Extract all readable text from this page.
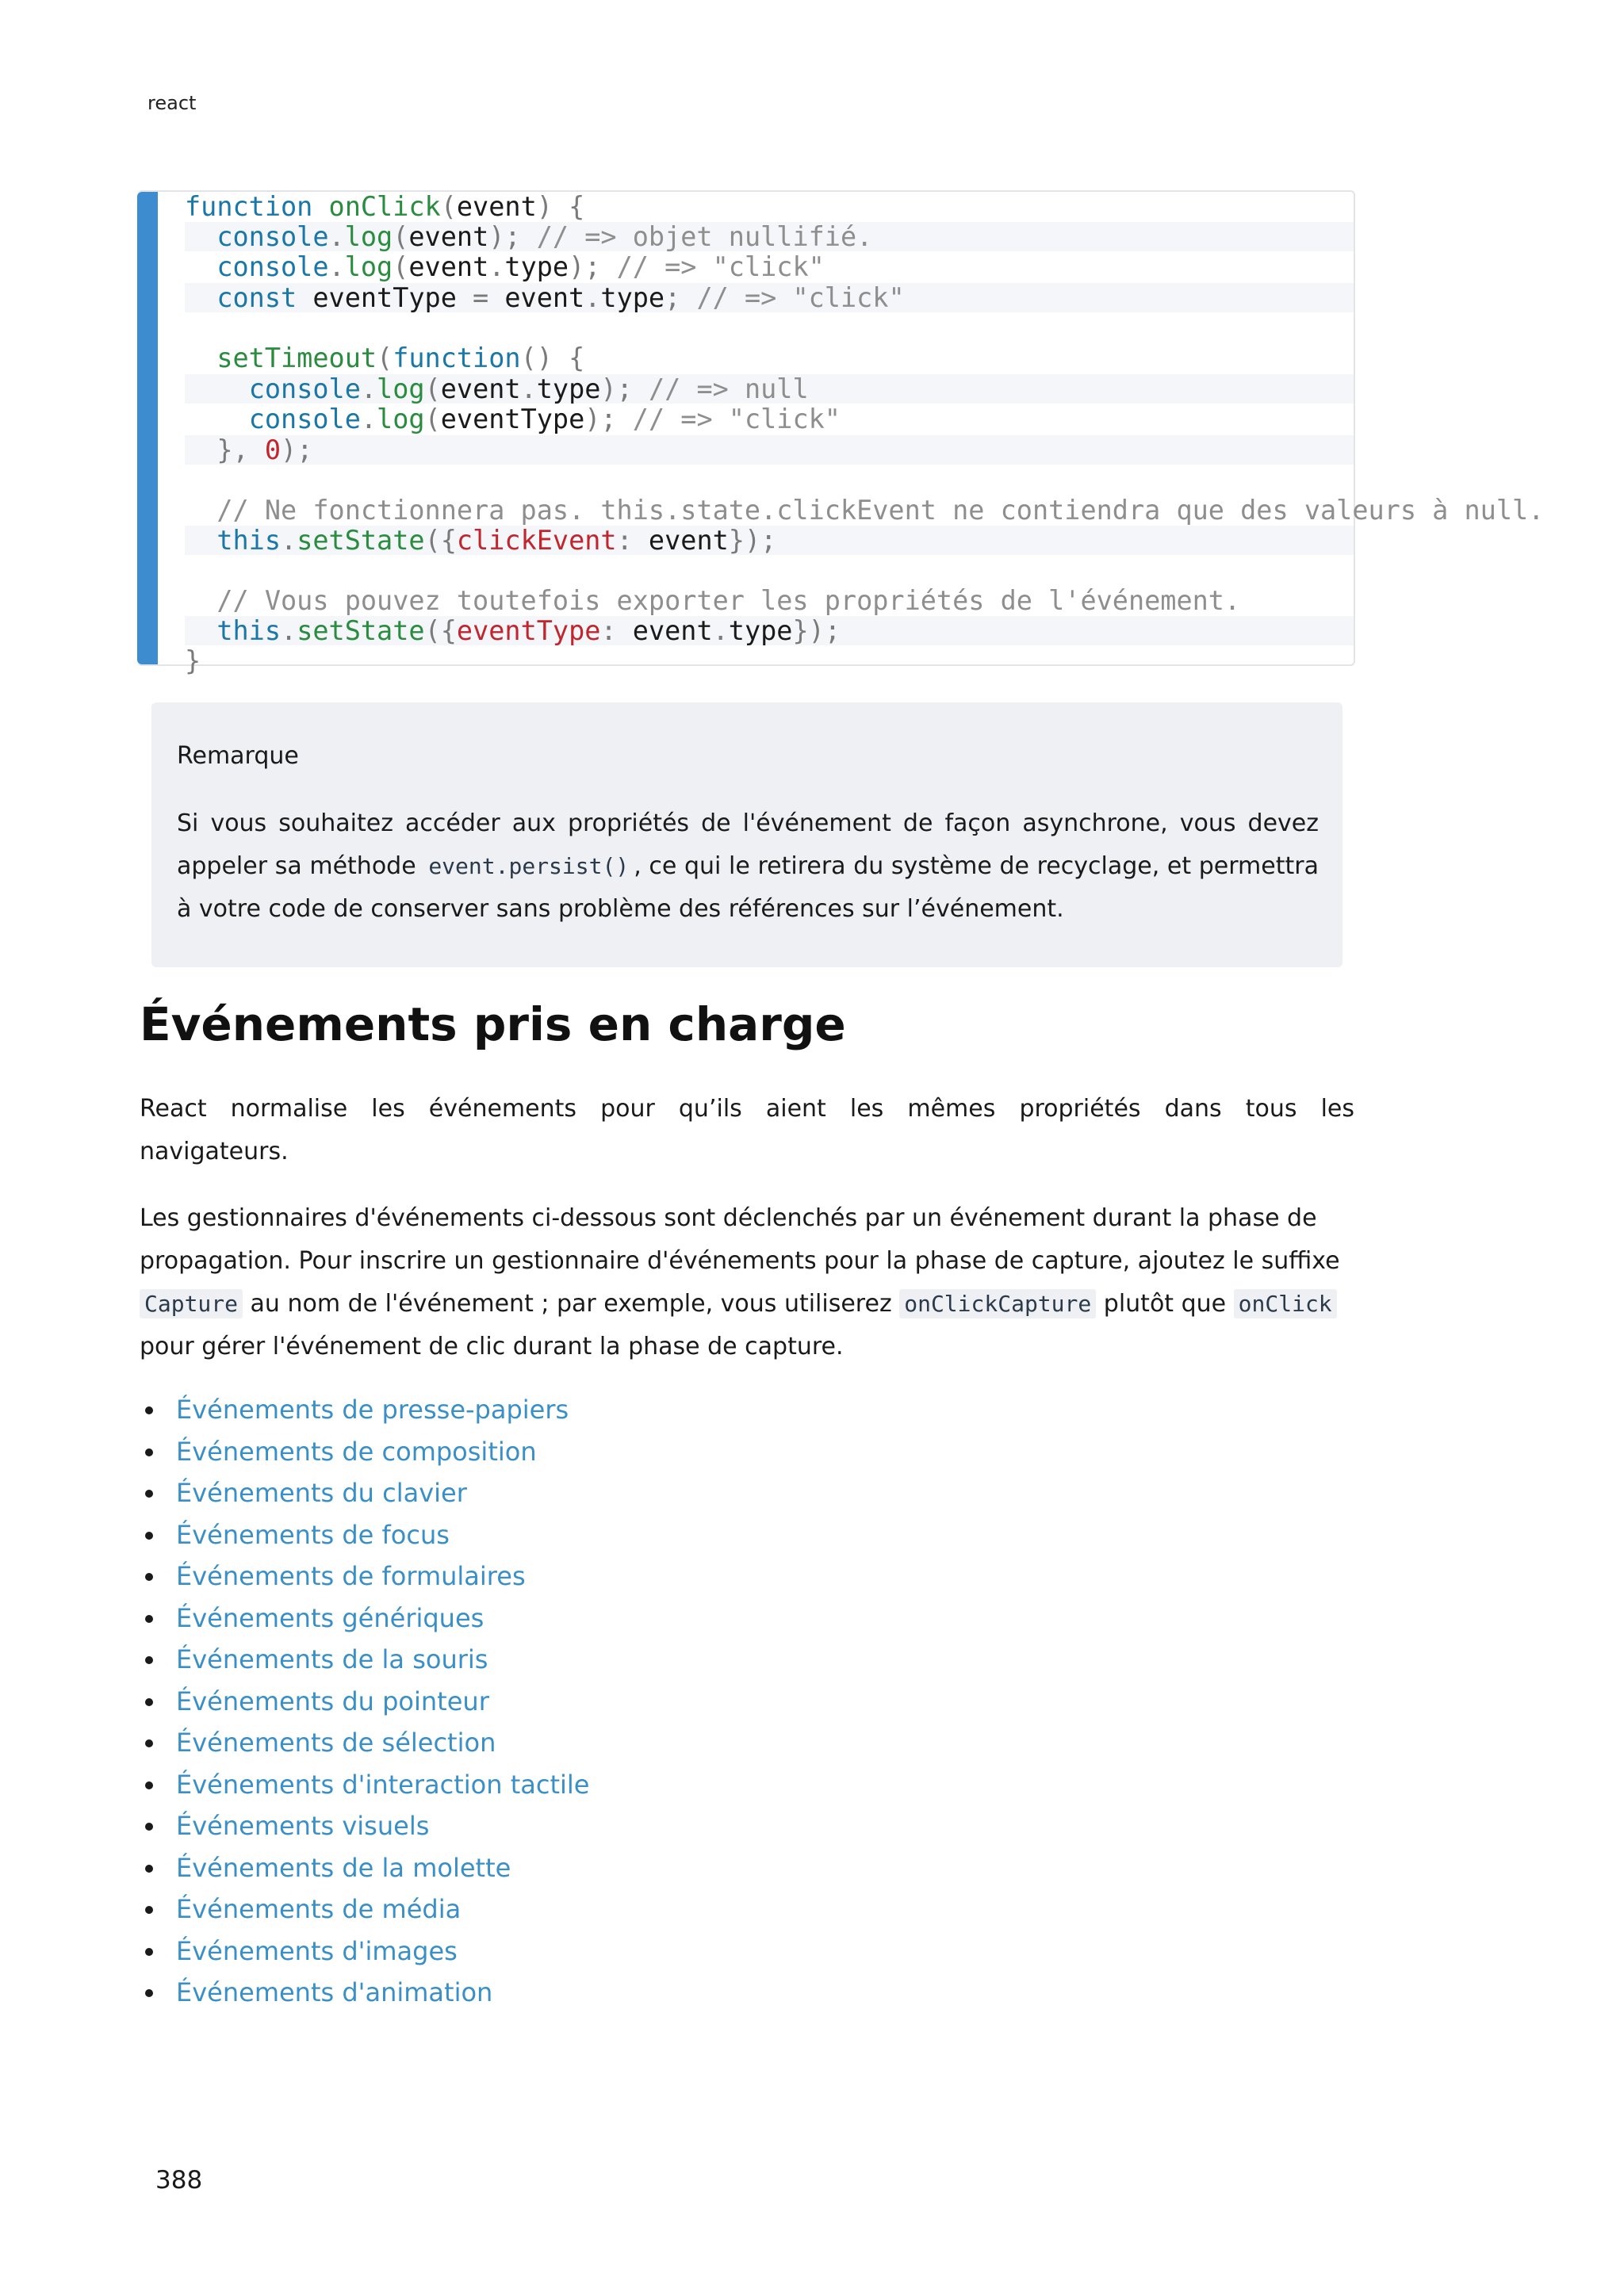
react
function onClick(event) {
console.log(event); // => objet nullifié.
console.log(event.type); // => "click"
const eventType = event.type; // => "click"
setTimeout(function() {
console.log(event.type); // => null
console.log(eventType); // => "click"
}, 0);
// Ne fonctionnera pas. this.state.clickEvent ne contiendra que des valeurs à null.
this.setState({clickEvent: event});
// Vous pouvez toutefois exporter les propriétés de l'événement.
this.setState({eventType: event.type});
}
Remarque
Si vous souhaitez accéder aux propriétés de l'événement de façon asynchrone, vous devez appeler sa méthode event.persist() , ce qui le retirera du système de recyclage, et permettra à votre code de conserver sans problème des références sur l’événement.
Événements pris en charge

React normalise les événements pour qu’ils aient les mêmes propriétés dans tous les
navigateurs.

Les gestionnaires d'événements ci-dessous sont déclenchés par un événement durant la phase de propagation. Pour inscrire un gestionnaire d'événements pour la phase de capture, ajoutez le suffixe Capture au nom de l'événement ; par exemple, vous utiliserez onClickCapture plutôt que onClick pour gérer l'événement de clic durant la phase de capture.

Événements de presse-papiers
Événements de composition
Événements du clavier
Événements de focus
Événements de formulaires
Événements génériques
Événements de la souris
Événements du pointeur
Événements de sélection
Événements d'interaction tactile
Événements visuels
Événements de la molette
Événements de média
Événements d'images
Événements d'animation
388
